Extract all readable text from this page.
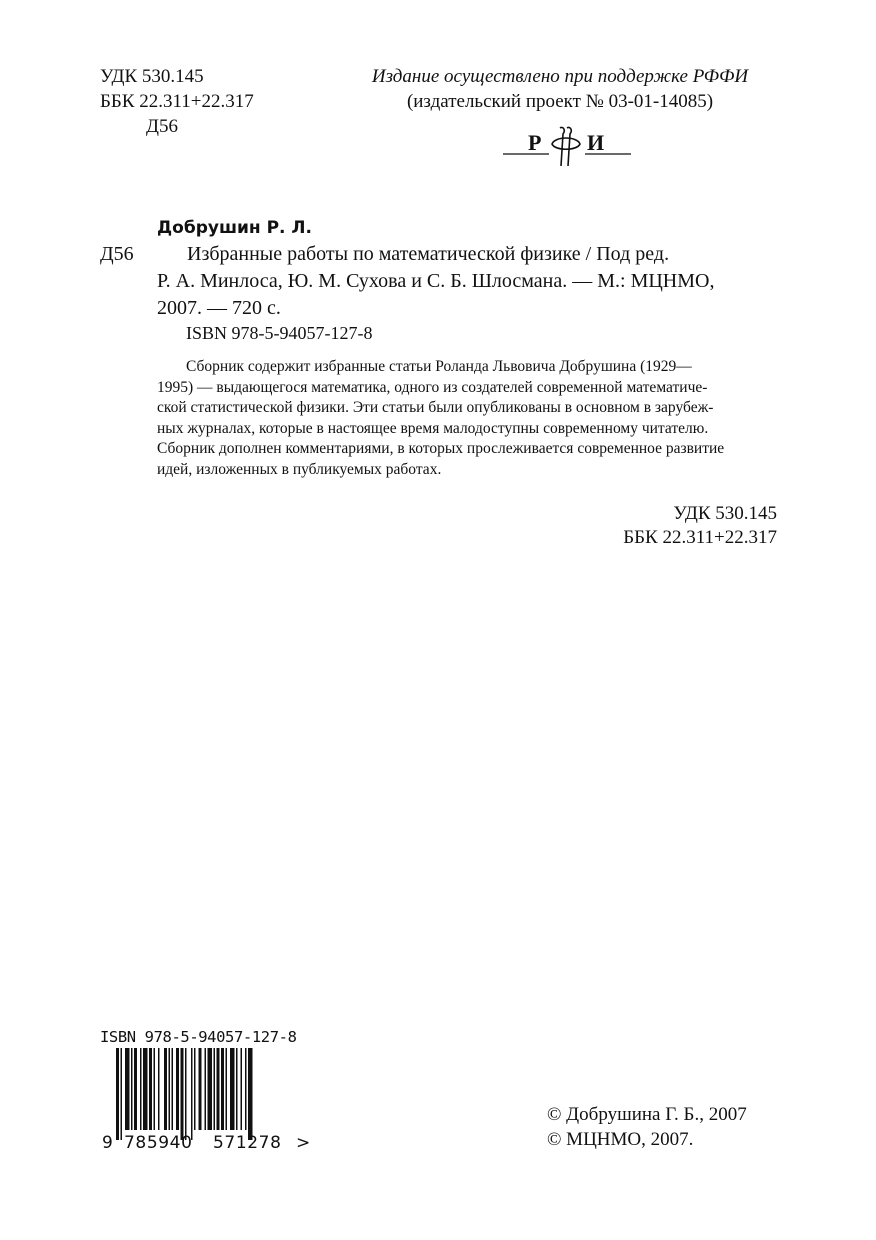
УДК 530.145
ББК 22.311+22.317
Д56
Издание осуществлено при поддержке РФФИ
(издательский проект № 03-01-14085)
Р И
Добрушин Р. Л.
Д56	Избранные работы по математической физике / Под ред.
Р. А. Минлоса, Ю. М. Сухова и С. Б. Шлосмана. — М.: МЦНМО,
2007. — 720 с.
ISBN 978-5-94057-127-8
Сборник содержит избранные статьи Роланда Львовича Добрушина (1929—
1995) — выдающегося математика, одного из создателей современной математиче-
ской статистической физики. Эти статьи были опубликованы в основном в зарубеж-
ных журналах, которые в настоящее время малодоступны современному читателю.
Сборник дополнен комментариями, в которых прослеживается современное развитие
идей, изложенных в публикуемых работах.
УДК 530.145
ББК 22.311+22.317
ISBN 978-5-94057-127-8
9 785940 571278 >
© Добрушина Г. Б., 2007
© МЦНМО, 2007.
